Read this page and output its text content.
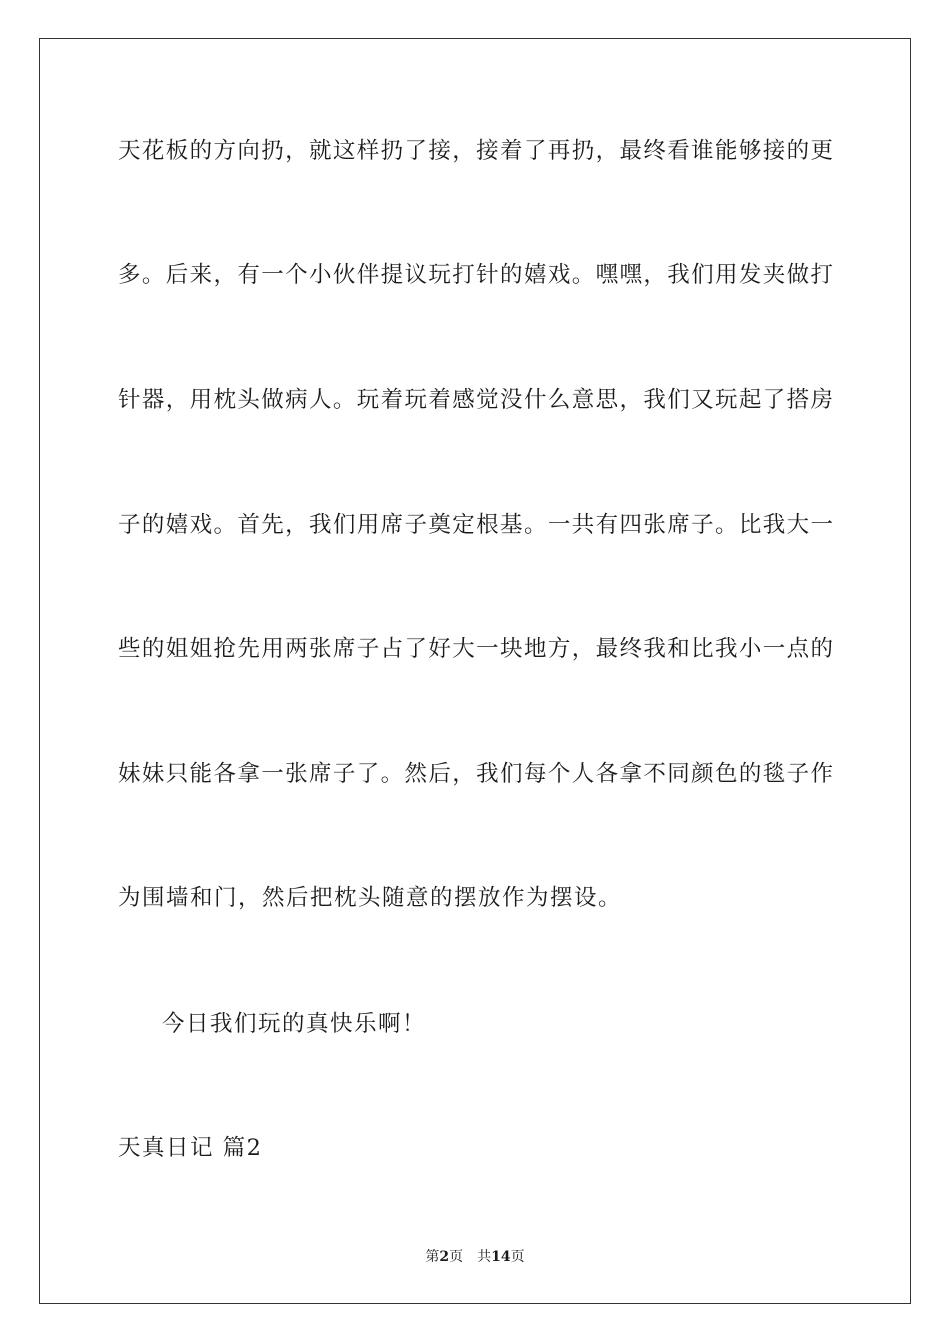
天花板的方向扔，就这样扔了接，接着了再扔，最终看谁能够接的更
多。后来，有一个小伙伴提议玩打针的嬉戏。嘿嘿，我们用发夹做打
针器，用枕头做病人。玩着玩着感觉没什么意思，我们又玩起了搭房
子的嬉戏。首先，我们用席子奠定根基。一共有四张席子。比我大一
些的姐姐抢先用两张席子占了好大一块地方，最终我和比我小一点的
妹妹只能各拿一张席子了。然后，我们每个人各拿不同颜色的毯子作
为围墙和门，然后把枕头随意的摆放作为摆设。
今日我们玩的真快乐啊！
天真日记 篇2
第2页 共14页
